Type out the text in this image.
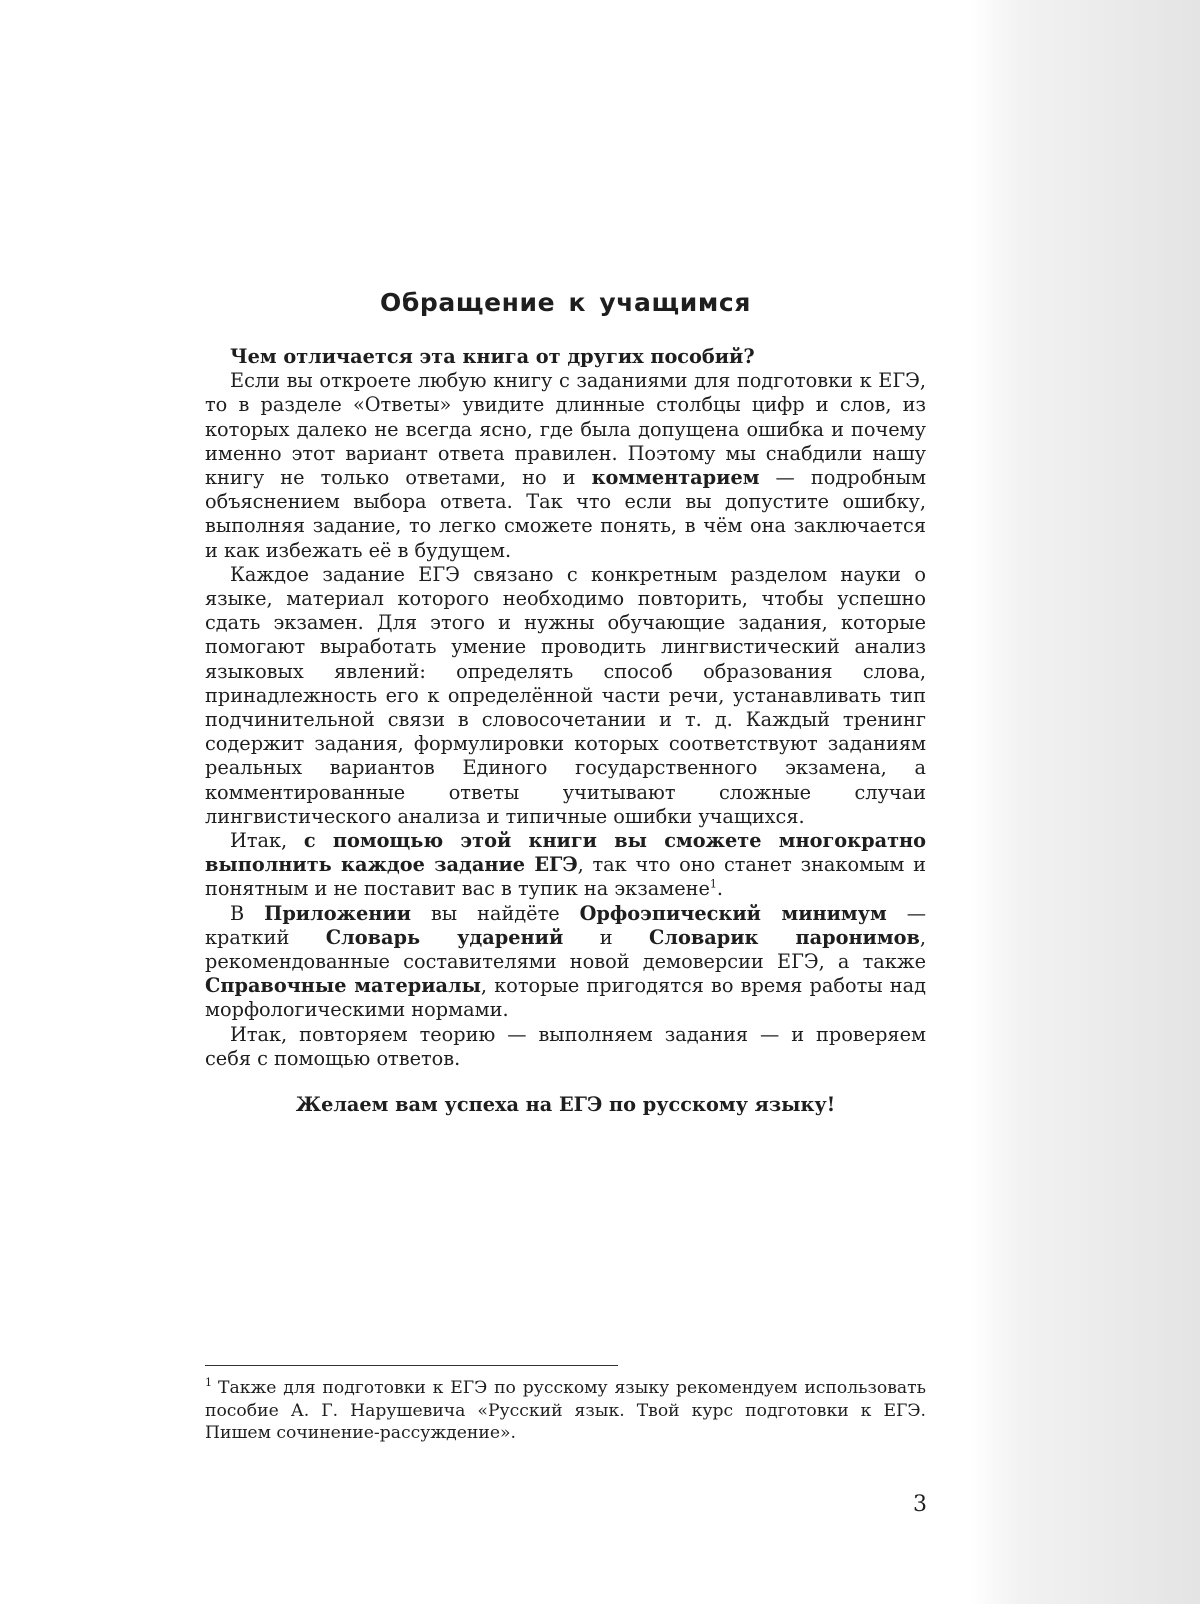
Обращение к учащимся

Чем отличается эта книга от других пособий?

Если вы откроете любую книгу с заданиями для подготовки к ЕГЭ, то в разделе «Ответы» увидите длинные столбцы цифр и слов, из которых далеко не всегда ясно, где была допущена ошибка и почему именно этот вариант ответа правилен. Поэтому мы снабдили нашу книгу не только ответами, но и комментарием — подробным объяснением выбора ответа. Так что если вы допустите ошибку, выполняя задание, то легко сможете понять, в чём она заключается и как избежать её в будущем.

Каждое задание ЕГЭ связано с конкретным разделом науки о языке, материал которого необходимо повторить, чтобы успешно сдать экзамен. Для этого и нужны обучающие задания, которые помогают выработать умение проводить лингвистический анализ языковых явлений: определять способ образования слова, принадлежность его к определённой части речи, устанавливать тип подчинительной связи в словосочетании и т. д. Каждый тренинг содержит задания, формулировки которых соответствуют заданиям реальных вариантов Единого государственного экзамена, а комментированные ответы учитывают сложные случаи лингвистического анализа и типичные ошибки учащихся.

Итак, с помощью этой книги вы сможете многократно выполнить каждое задание ЕГЭ, так что оно станет знакомым и понятным и не поставит вас в тупик на экзамене$^1$.

В Приложении вы найдёте Орфоэпический минимум — краткий Словарь ударений и Словарик паронимов, рекомендованные составителями новой демоверсии ЕГЭ, а также Справочные материалы, которые пригодятся во время работы над морфологическими нормами.

Итак, повторяем теорию — выполняем задания — и проверяем себя с помощью ответов.

Желаем вам успеха на ЕГЭ по русскому языку!

$^1$ Также для подготовки к ЕГЭ по русскому языку рекомендуем использовать пособие А. Г. Нарушевича «Русский язык. Твой курс подготовки к ЕГЭ. Пишем сочинение-рассуждение».
3
